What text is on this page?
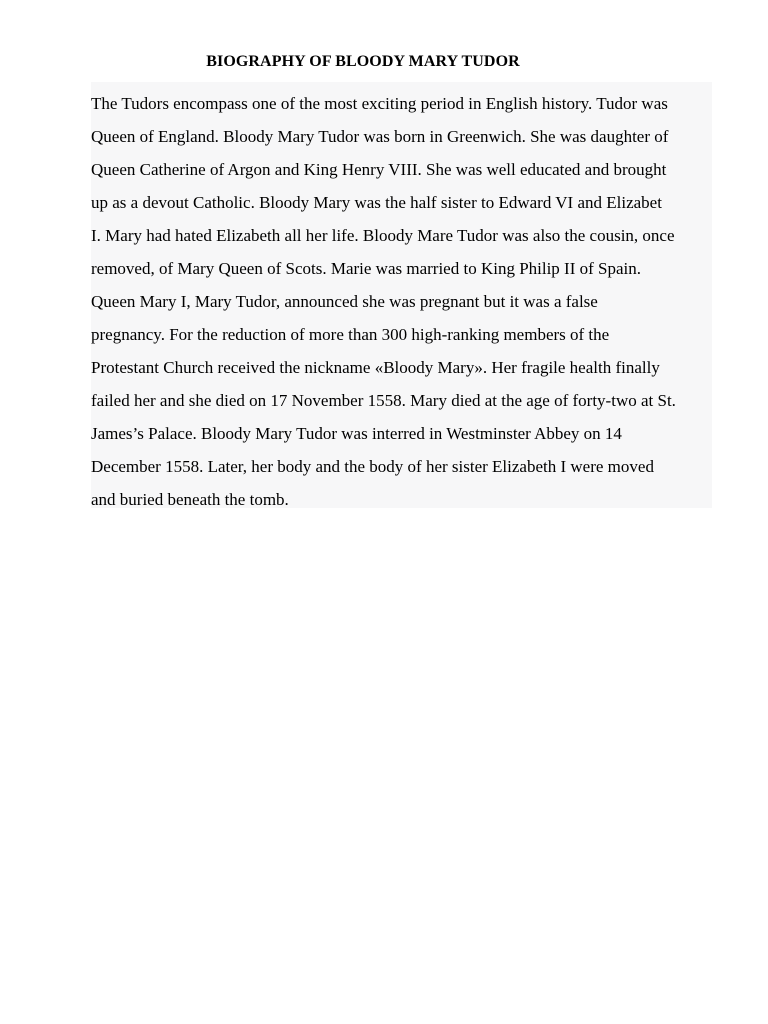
BIOGRAPHY OF BLOODY MARY TUDOR
The Tudors encompass one of the most exciting period in English history. Tudor was
Queen of England. Bloody Mary Tudor was born in Greenwich. She was daughter of
Queen Catherine of Argon and King Henry VIII. She was well educated and brought
up as a devout Catholic. Bloody Mary was the half sister to Edward VI and Elizabet
I. Mary had hated Elizabeth all her life. Bloody Mare Tudor was also the cousin, once
removed, of Mary Queen of Scots. Marie was married to King Philip II of Spain.
Queen Mary I, Mary Tudor, announced she was pregnant but it was a false
pregnancy. For the reduction of more than 300 high-ranking members of the
Protestant Church received the nickname «Bloody Mary». Her fragile health finally
failed her and she died on 17 November 1558. Mary died at the age of forty-two at St.
James’s Palace. Bloody Mary Tudor was interred in Westminster Abbey on 14
December 1558. Later, her body and the body of her sister Elizabeth I were moved
and buried beneath the tomb.
